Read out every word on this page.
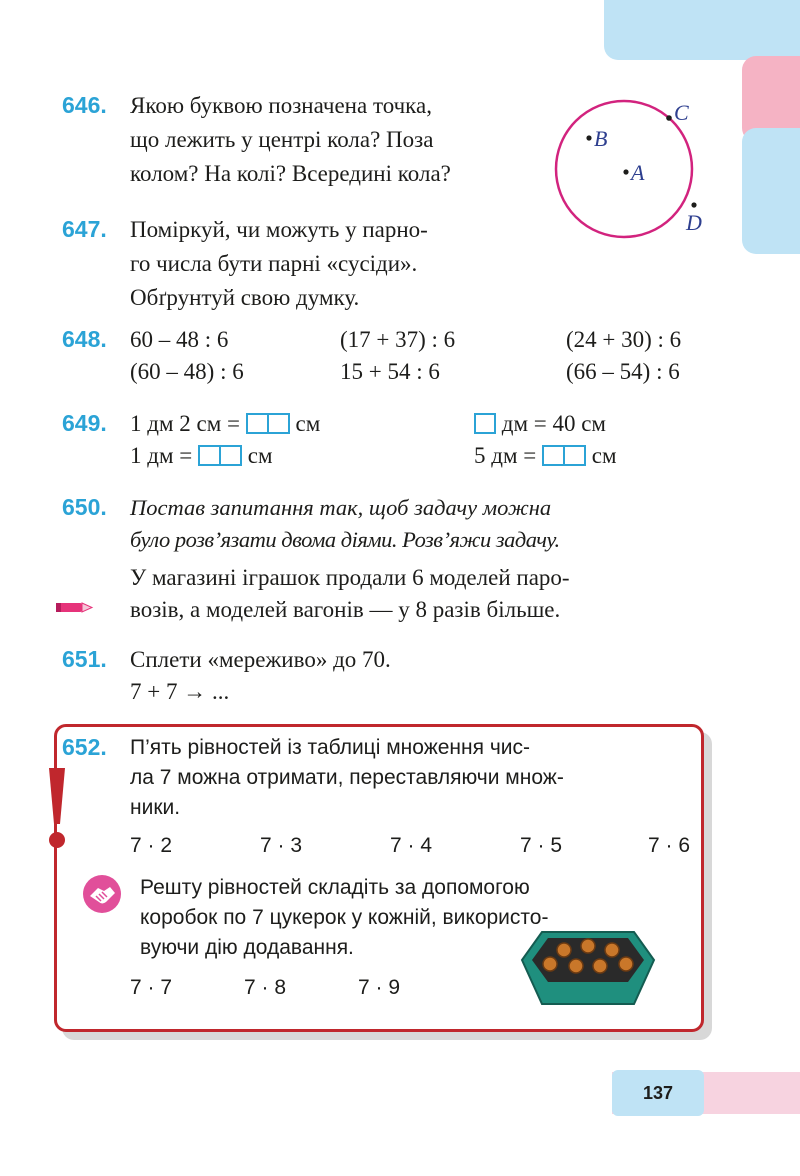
646. Якою буквою позначена точка,
що лежить у центрі кола? Поза
колом? На колі? Всередині кола?
B
A
C
D
647. Поміркуй, чи можуть у парно-
го числа бути парні «сусіди».
Обґрунтуй свою думку.
648. 60 – 48 : 6	(17 + 37) : 6	(24 + 30) : 6
(60 – 48) : 6	15 + 54 : 6	(66 – 54) : 6
649. 1 дм 2 см = см
1 дм = см
дм = 40 см
5 дм = см
650. Постав запитання так, щоб задачу можна
було розв’язати двома діями. Розв’яжи задачу.
У магазині іграшок продали 6 моделей паро-
возів, а моделей вагонів — у 8 разів більше.
651. Сплети «мереживо» до 70.
7 + 7 → ...
652. П’ять рівностей із таблиці множення чис-
ла 7 можна отримати, переставляючи множ-
ники.
7 · 2	7 · 3	7 · 4	7 · 5	7 · 6
Решту рівностей складіть за допомогою
коробок по 7 цукерок у кожній, використо-
вуючи дію додавання.
7 · 7	7 · 8	7 · 9
137
